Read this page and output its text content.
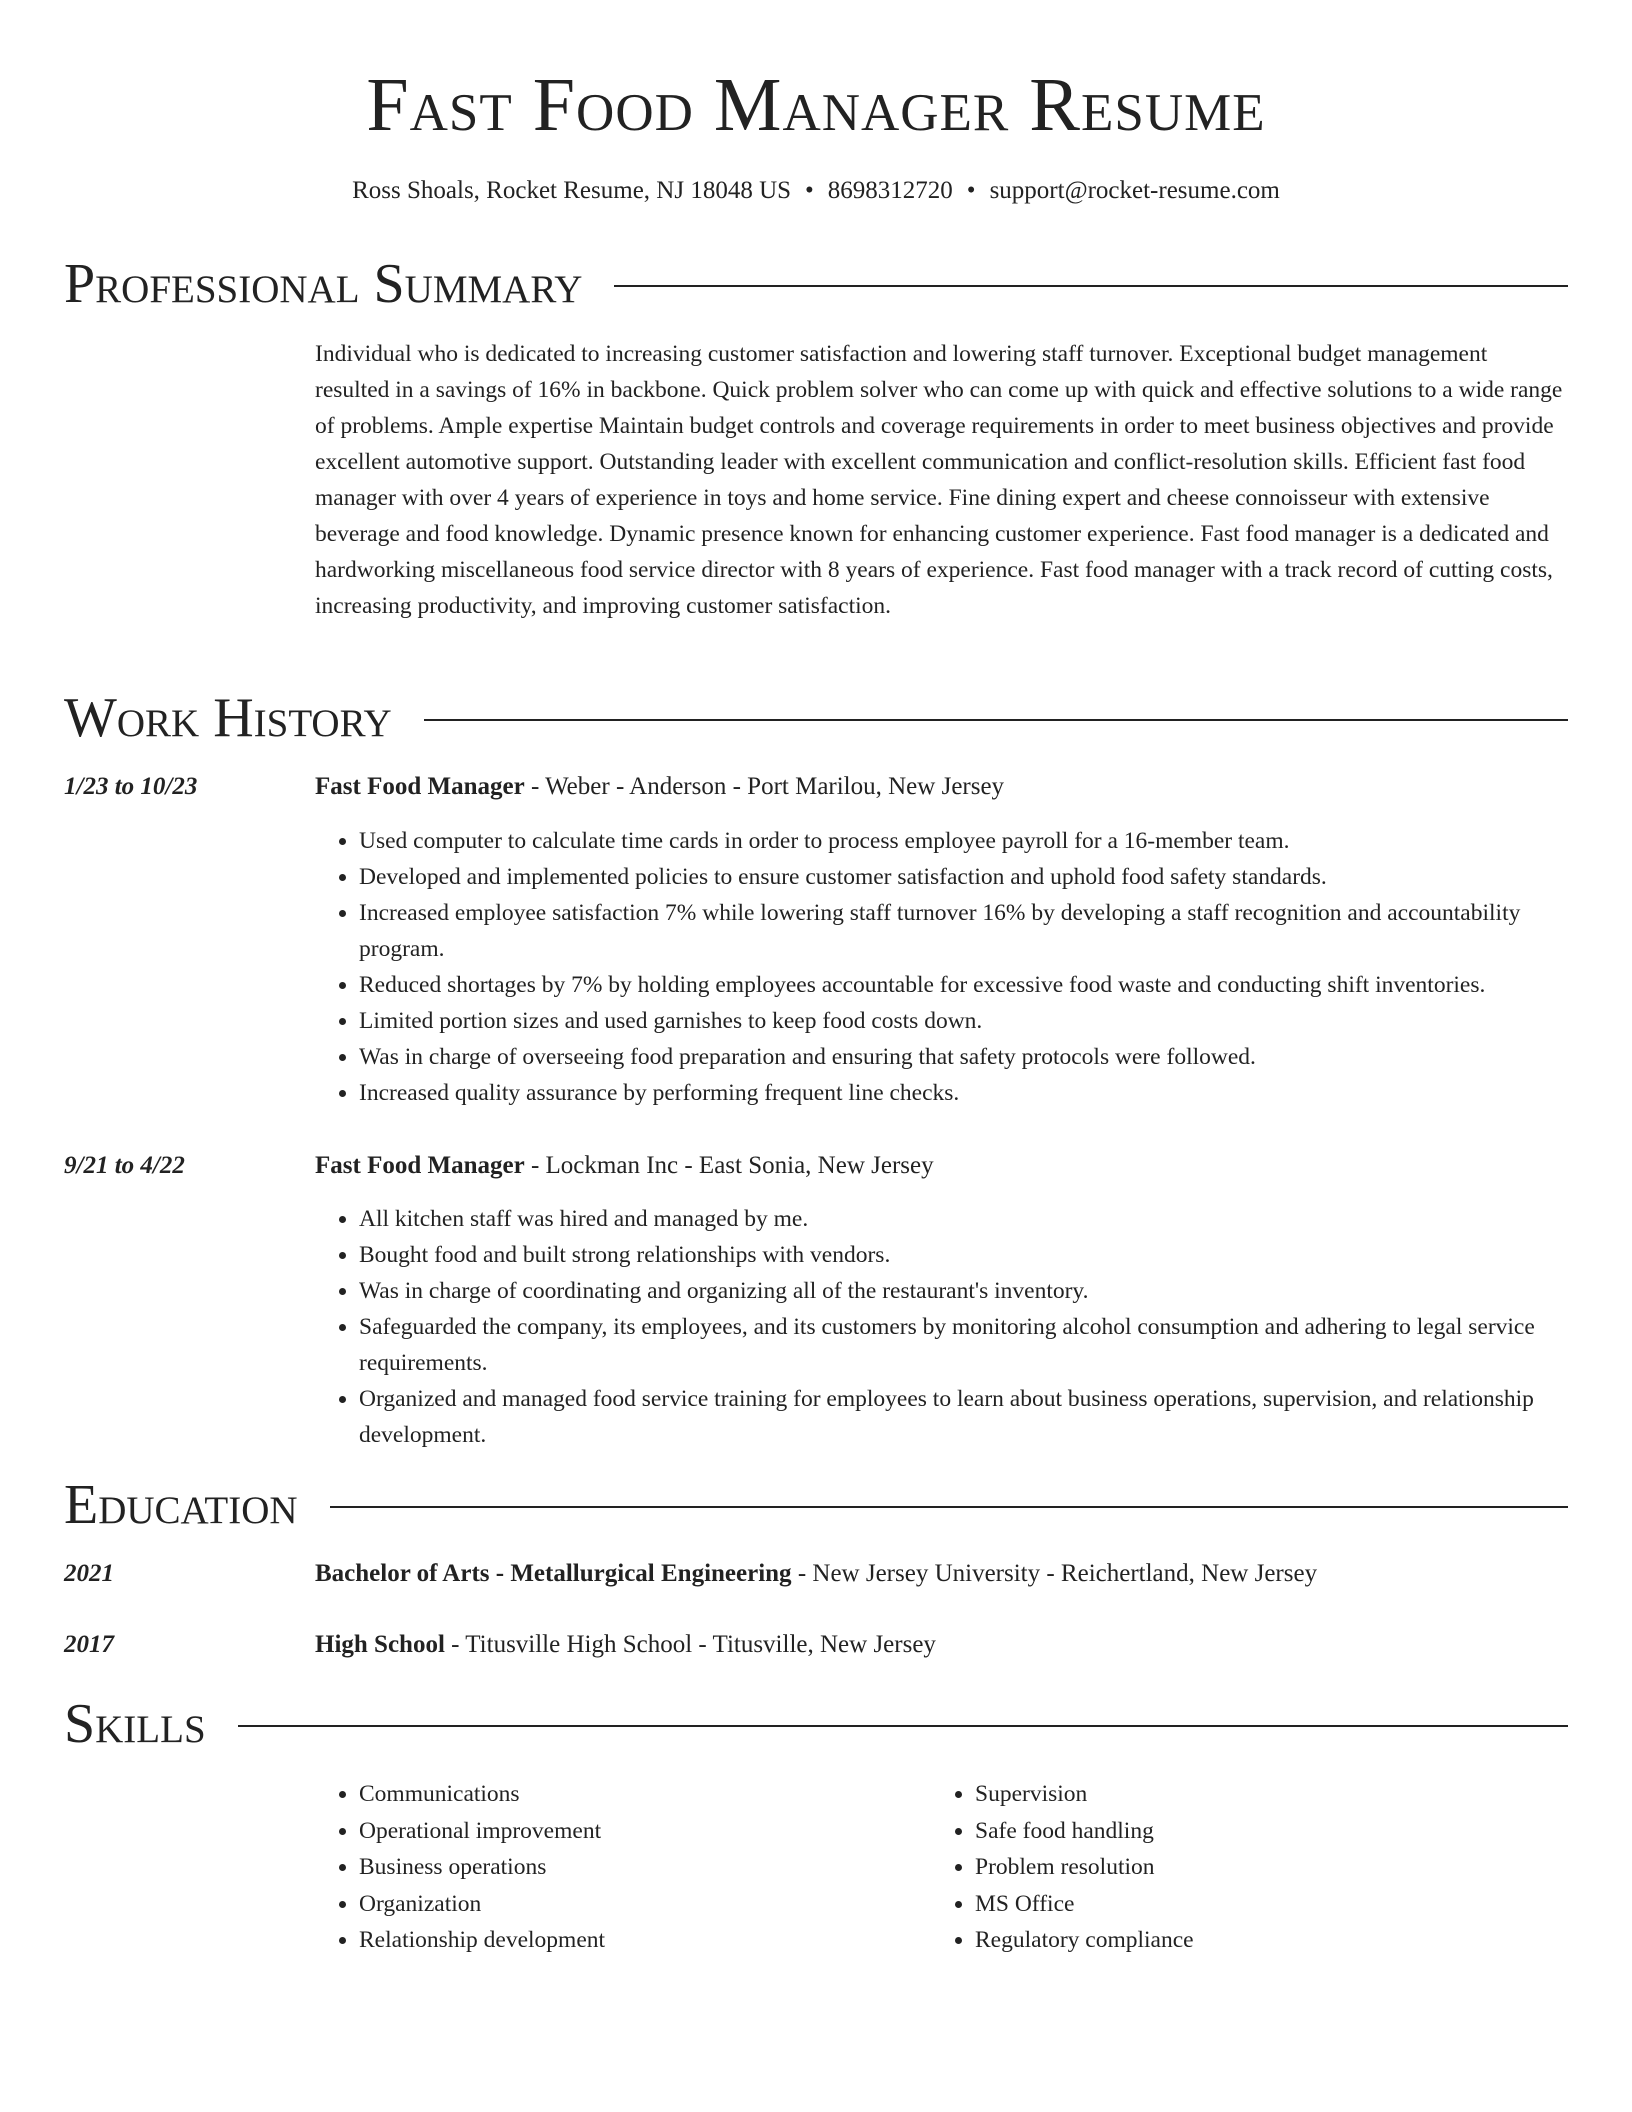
Fast Food Manager Resume
Ross Shoals, Rocket Resume, NJ 18048 US • 8698312720 • support@rocket-resume.com
Professional Summary

Individual who is dedicated to increasing customer satisfaction and lowering staff turnover. Exceptional budget management resulted in a savings of 16% in backbone. Quick problem solver who can come up with quick and effective solutions to a wide range of problems. Ample expertise Maintain budget controls and coverage requirements in order to meet business objectives and provide excellent automotive support. Outstanding leader with excellent communication and conflict-resolution skills. Efficient fast food manager with over 4 years of experience in toys and home service. Fine dining expert and cheese connoisseur with extensive beverage and food knowledge. Dynamic presence known for enhancing customer experience. Fast food manager is a dedicated and hardworking miscellaneous food service director with 8 years of experience. Fast food manager with a track record of cutting costs, increasing productivity, and improving customer satisfaction.

Work History
1/23 to 10/23	Fast Food Manager - Weber - Anderson - Port Marilou, New Jersey
• Used computer to calculate time cards in order to process employee payroll for a 16-member team.
• Developed and implemented policies to ensure customer satisfaction and uphold food safety standards.
• Increased employee satisfaction 7% while lowering staff turnover 16% by developing a staff recognition and accountability program.
• Reduced shortages by 7% by holding employees accountable for excessive food waste and conducting shift inventories.
• Limited portion sizes and used garnishes to keep food costs down.
• Was in charge of overseeing food preparation and ensuring that safety protocols were followed.
• Increased quality assurance by performing frequent line checks.
9/21 to 4/22	Fast Food Manager - Lockman Inc - East Sonia, New Jersey
• All kitchen staff was hired and managed by me.
• Bought food and built strong relationships with vendors.
• Was in charge of coordinating and organizing all of the restaurant's inventory.
• Safeguarded the company, its employees, and its customers by monitoring alcohol consumption and adhering to legal service requirements.
• Organized and managed food service training for employees to learn about business operations, supervision, and relationship development.
Education
2021	Bachelor of Arts - Metallurgical Engineering - New Jersey University - Reichertland, New Jersey
2017	High School - Titusville High School - Titusville, New Jersey
Skills
• Communications
• Operational improvement
• Business operations
• Organization
• Relationship development
• Supervision
• Safe food handling
• Problem resolution
• MS Office
• Regulatory compliance
